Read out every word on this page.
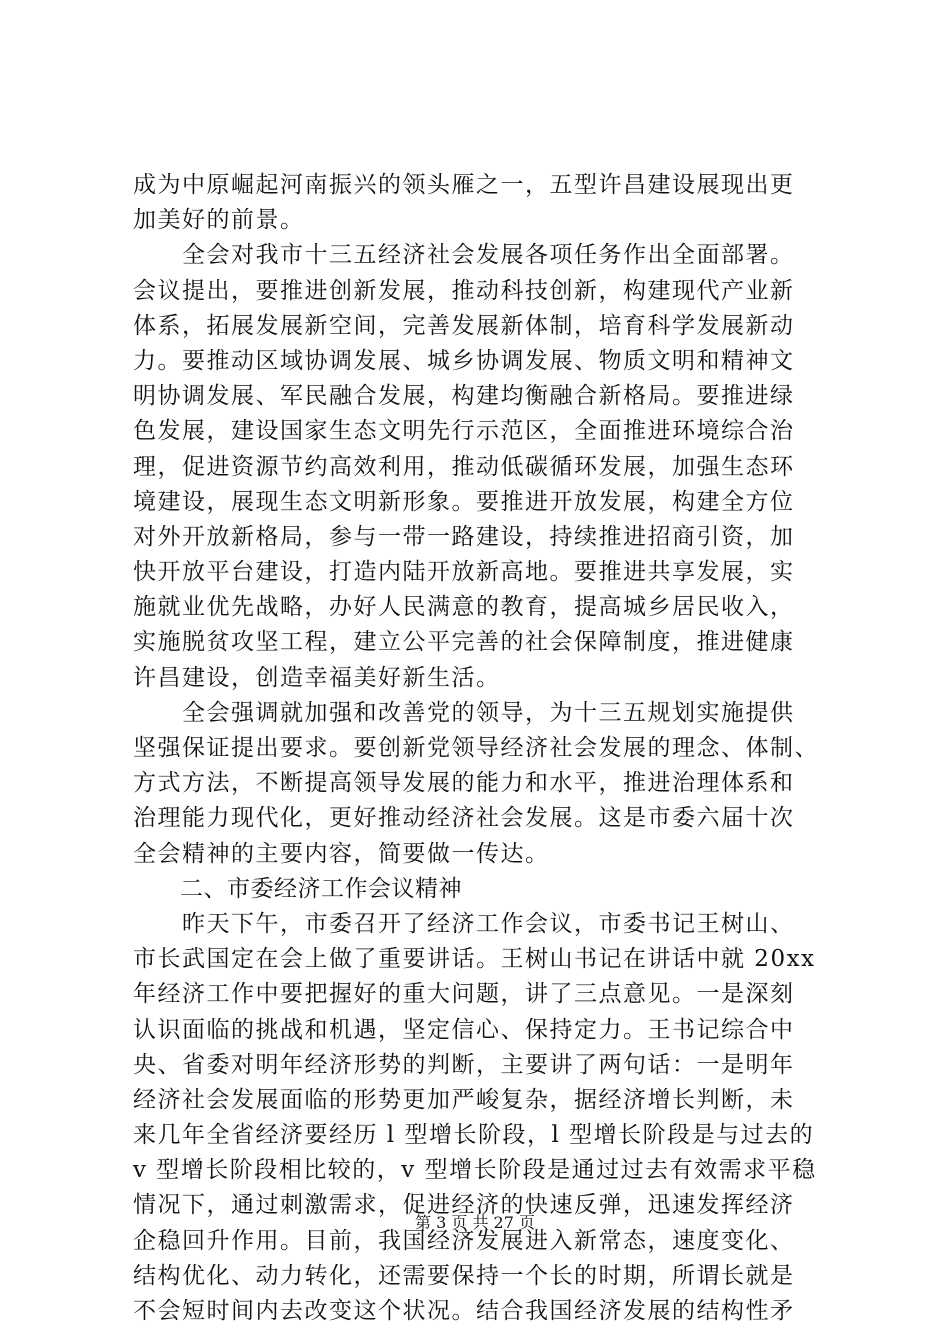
成为中原崛起河南振兴的领头雁之一，五型许昌建设展现出更
加美好的前景。
　　全会对我市十三五经济社会发展各项任务作出全面部署。
会议提出，要推进创新发展，推动科技创新，构建现代产业新
体系，拓展发展新空间，完善发展新体制，培育科学发展新动
力。要推动区域协调发展、城乡协调发展、物质文明和精神文
明协调发展、军民融合发展，构建均衡融合新格局。要推进绿
色发展，建设国家生态文明先行示范区，全面推进环境综合治
理，促进资源节约高效利用，推动低碳循环发展，加强生态环
境建设，展现生态文明新形象。要推进开放发展，构建全方位
对外开放新格局，参与一带一路建设，持续推进招商引资，加
快开放平台建设，打造内陆开放新高地。要推进共享发展，实
施就业优先战略，办好人民满意的教育，提高城乡居民收入，
实施脱贫攻坚工程，建立公平完善的社会保障制度，推进健康
许昌建设，创造幸福美好新生活。
　　全会强调就加强和改善党的领导，为十三五规划实施提供
坚强保证提出要求。要创新党领导经济社会发展的理念、体制、
方式方法，不断提高领导发展的能力和水平，推进治理体系和
治理能力现代化，更好推动经济社会发展。这是市委六届十次
全会精神的主要内容，简要做一传达。
　　二、市委经济工作会议精神
　　昨天下午，市委召开了经济工作会议，市委书记王树山、
市长武国定在会上做了重要讲话。王树山书记在讲话中就 20xx
年经济工作中要把握好的重大问题，讲了三点意见。一是深刻
认识面临的挑战和机遇，坚定信心、保持定力。王书记综合中
央、省委对明年经济形势的判断，主要讲了两句话：一是明年
经济社会发展面临的形势更加严峻复杂，据经济增长判断，未
来几年全省经济要经历 l 型增长阶段，l 型增长阶段是与过去的
v 型增长阶段相比较的，v 型增长阶段是通过过去有效需求平稳
情况下，通过刺激需求，促进经济的快速反弹，迅速发挥经济
企稳回升作用。目前，我国经济发展进入新常态，速度变化、
结构优化、动力转化，还需要保持一个长的时期，所谓长就是
不会短时间内去改变这个状况。结合我国经济发展的结构性矛
第 3 页 共 27 页
